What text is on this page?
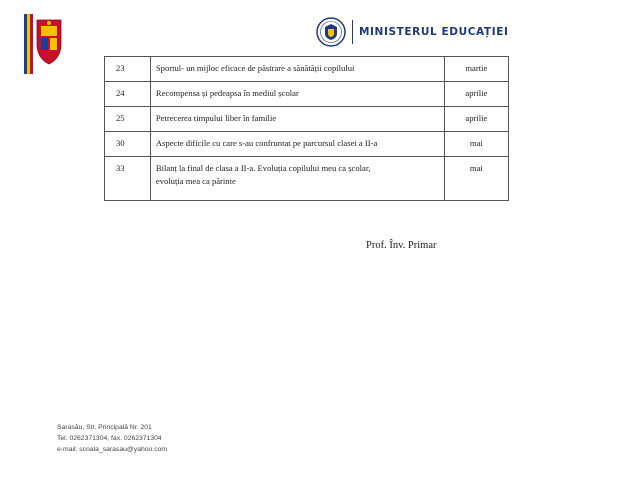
MINISTERUL EDUCAȚIEI
23	Sportul- un mijloc eficace de păstrare a sănătății copilului	martie
24	Recompensa și pedeapsa în mediul școlar	aprilie
25	Petrecerea timpului liber în familie	aprilie
30	Aspecte dificile cu care s-au confruntat pe parcursul clasei a II-a	mai
33	Bilanț la final de clasa a II-a. Evoluția copilului meu ca școlar,
evoluția mea ca părinte	mai
Prof. Înv. Primar
Sarasău, Str. Principală Nr. 201
Tel. 0262371304, fax. 0262371304
e-mail: scoala_sarasau@yahoo.com
